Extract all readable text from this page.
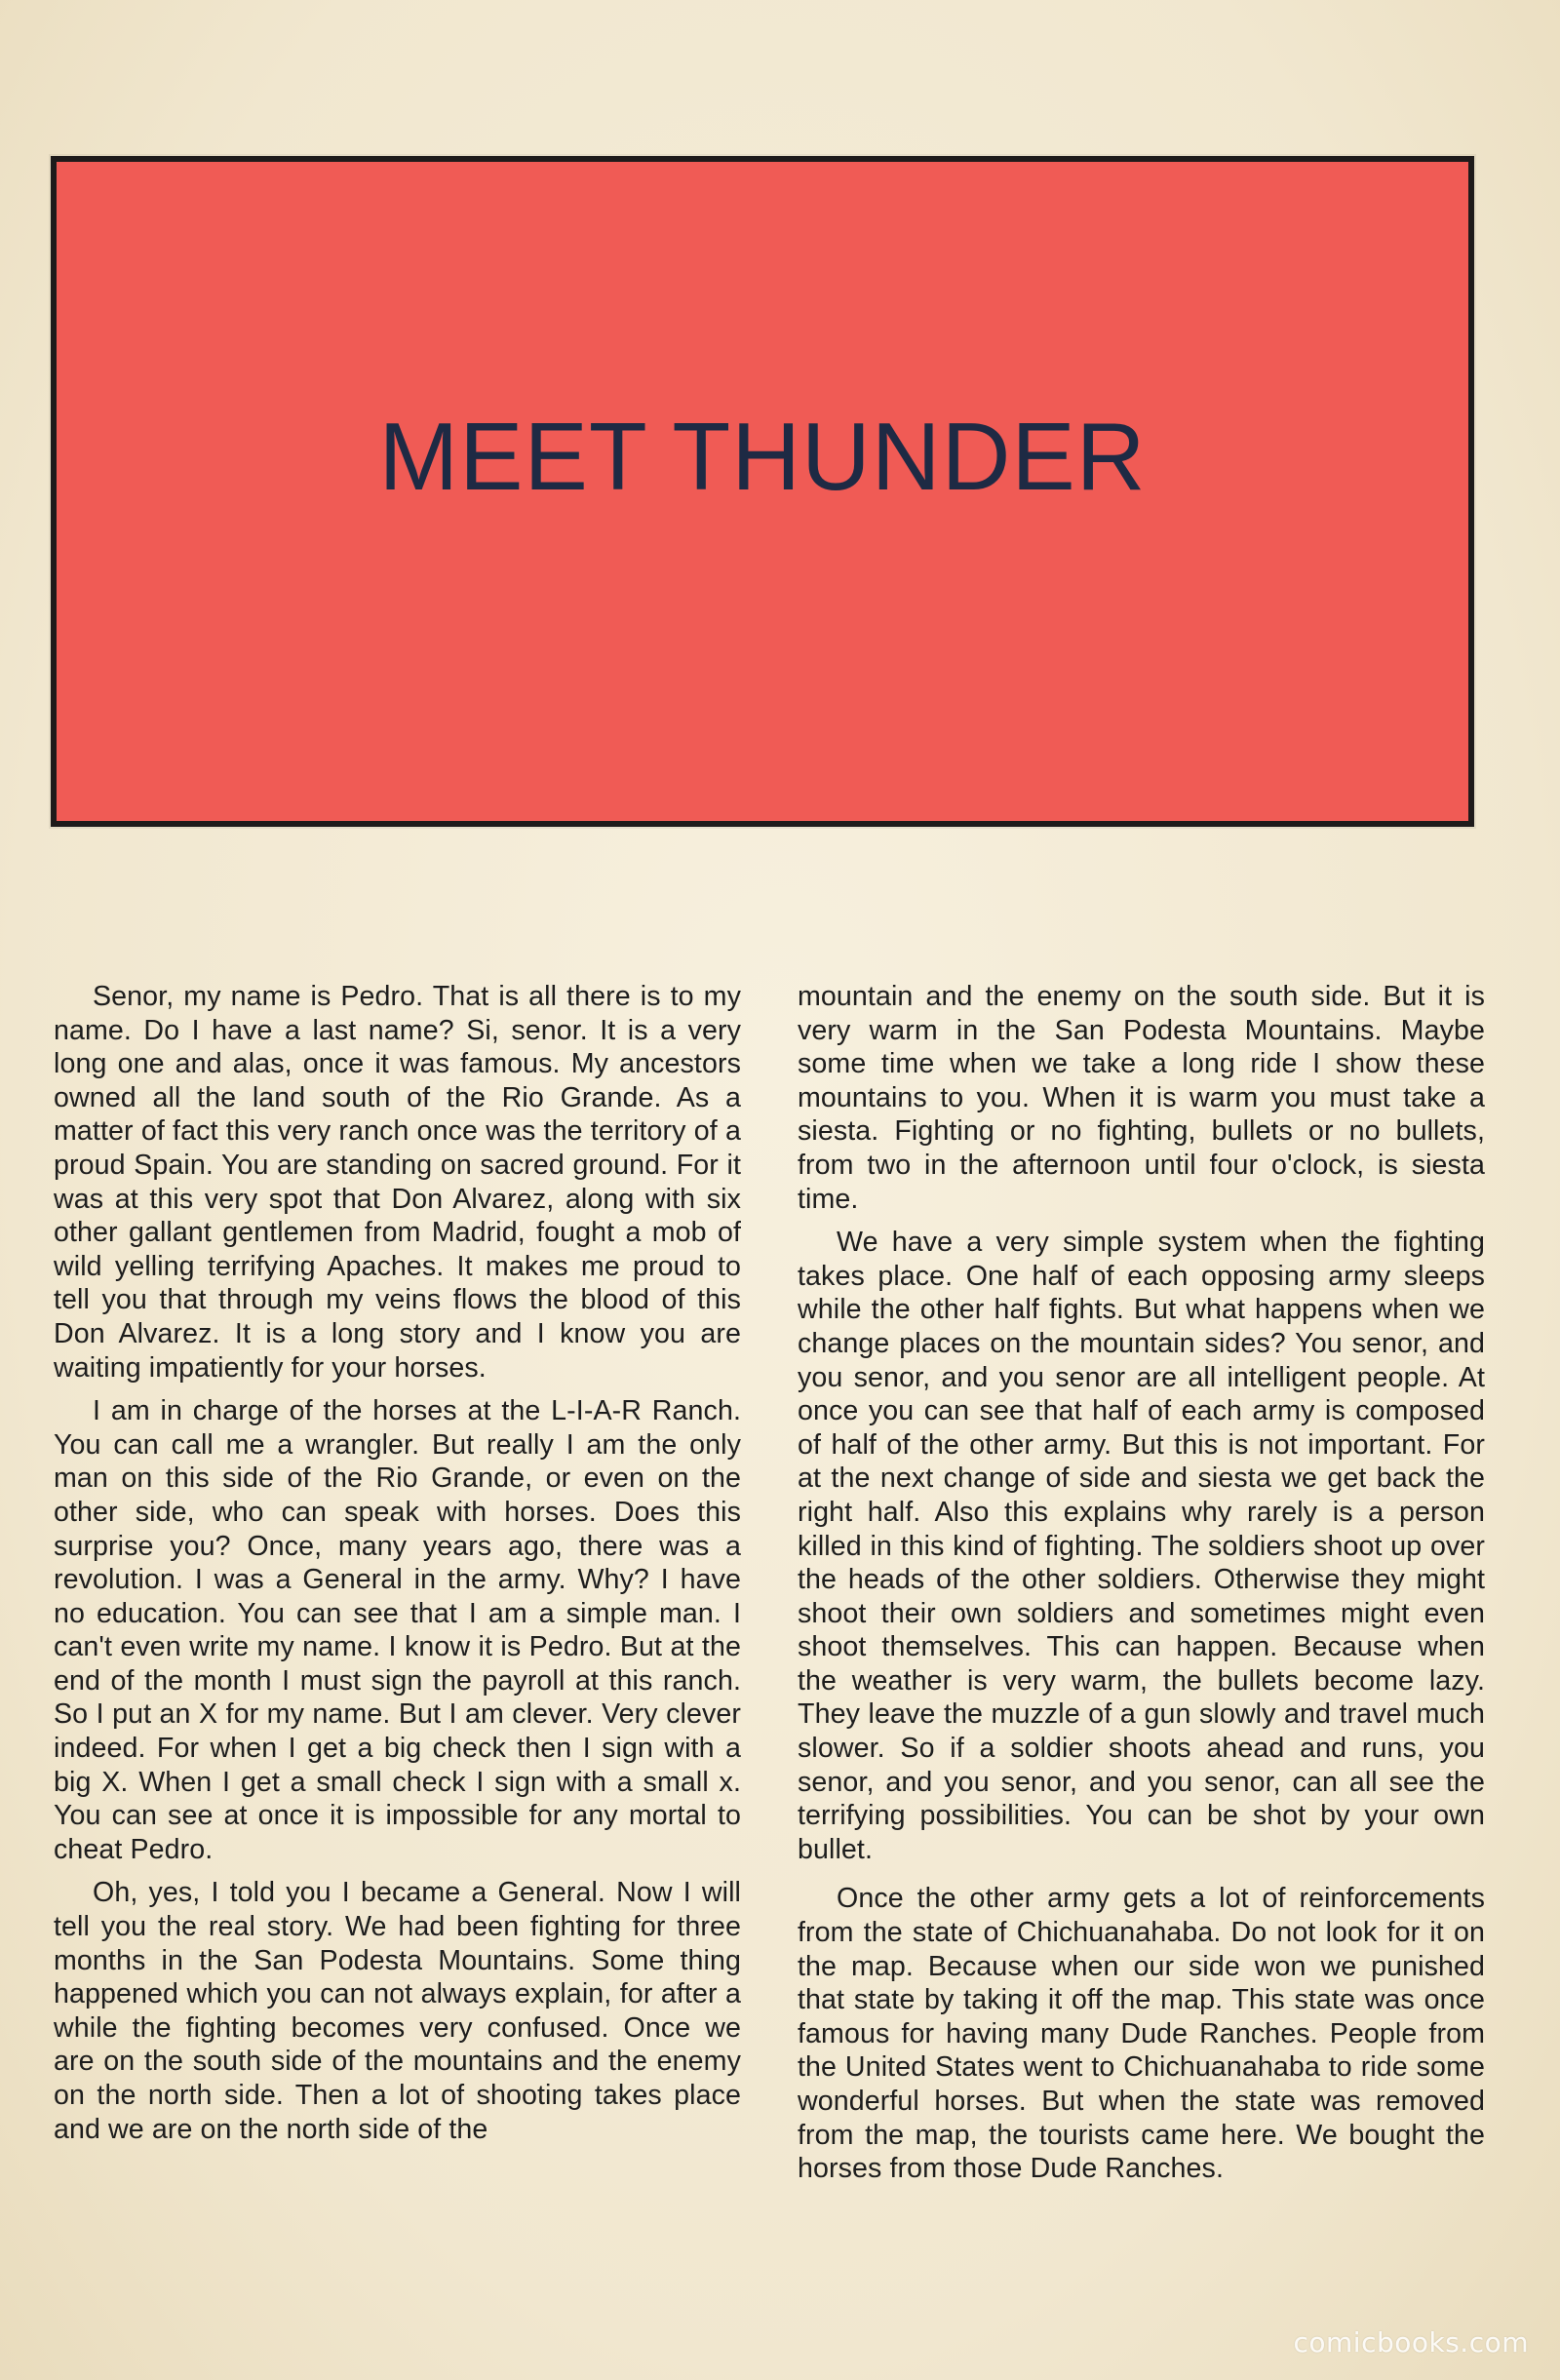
MEET THUNDER

Senor, my name is Pedro. That is all there is to my name. Do I have a last name? Si, senor. It is a very long one and alas, once it was famous. My ancestors owned all the land south of the Rio Grande. As a matter of fact this very ranch once was the territory of a proud Spain. You are standing on sacred ground. For it was at this very spot that Don Alvarez, along with six other gallant gentlemen from Madrid, fought a mob of wild yelling terrifying Apaches. It makes me proud to tell you that through my veins flows the blood of this Don Alvarez. It is a long story and I know you are waiting impatiently for your horses.

I am in charge of the horses at the L-I-A-R Ranch. You can call me a wrangler. But really I am the only man on this side of the Rio Grande, or even on the other side, who can speak with horses. Does this surprise you? Once, many years ago, there was a revolution. I was a General in the army. Why? I have no education. You can see that I am a simple man. I can't even write my name. I know it is Pedro. But at the end of the month I must sign the payroll at this ranch. So I put an X for my name. But I am clever. Very clever indeed. For when I get a big check then I sign with a big X. When I get a small check I sign with a small x. You can see at once it is impossible for any mortal to cheat Pedro.

Oh, yes, I told you I became a General. Now I will tell you the real story. We had been fighting for three months in the San Podesta Mountains. Some thing happened which you can not always explain, for after a while the fighting becomes very confused. Once we are on the south side of the mountains and the enemy on the north side. Then a lot of shooting takes place and we are on the north side of the

mountain and the enemy on the south side. But it is very warm in the San Podesta Mountains. Maybe some time when we take a long ride I show these mountains to you. When it is warm you must take a siesta. Fighting or no fighting, bullets or no bullets, from two in the afternoon until four o'clock, is siesta time.

We have a very simple system when the fighting takes place. One half of each opposing army sleeps while the other half fights. But what happens when we change places on the mountain sides? You senor, and you senor, and you senor are all intelligent people. At once you can see that half of each army is composed of half of the other army. But this is not important. For at the next change of side and siesta we get back the right half. Also this explains why rarely is a person killed in this kind of fighting. The soldiers shoot up over the heads of the other soldiers. Otherwise they might shoot their own soldiers and sometimes might even shoot themselves. This can happen. Because when the weather is very warm, the bullets become lazy. They leave the muzzle of a gun slowly and travel much slower. So if a soldier shoots ahead and runs, you senor, and you senor, and you senor, can all see the terrifying possibilities. You can be shot by your own bullet.

Once the other army gets a lot of reinforcements from the state of Chichuanahaba. Do not look for it on the map. Because when our side won we punished that state by taking it off the map. This state was once famous for having many Dude Ranches. People from the United States went to Chichuanahaba to ride some wonderful horses. But when the state was removed from the map, the tourists came here. We bought the horses from those Dude Ranches.

comicbooks.com
